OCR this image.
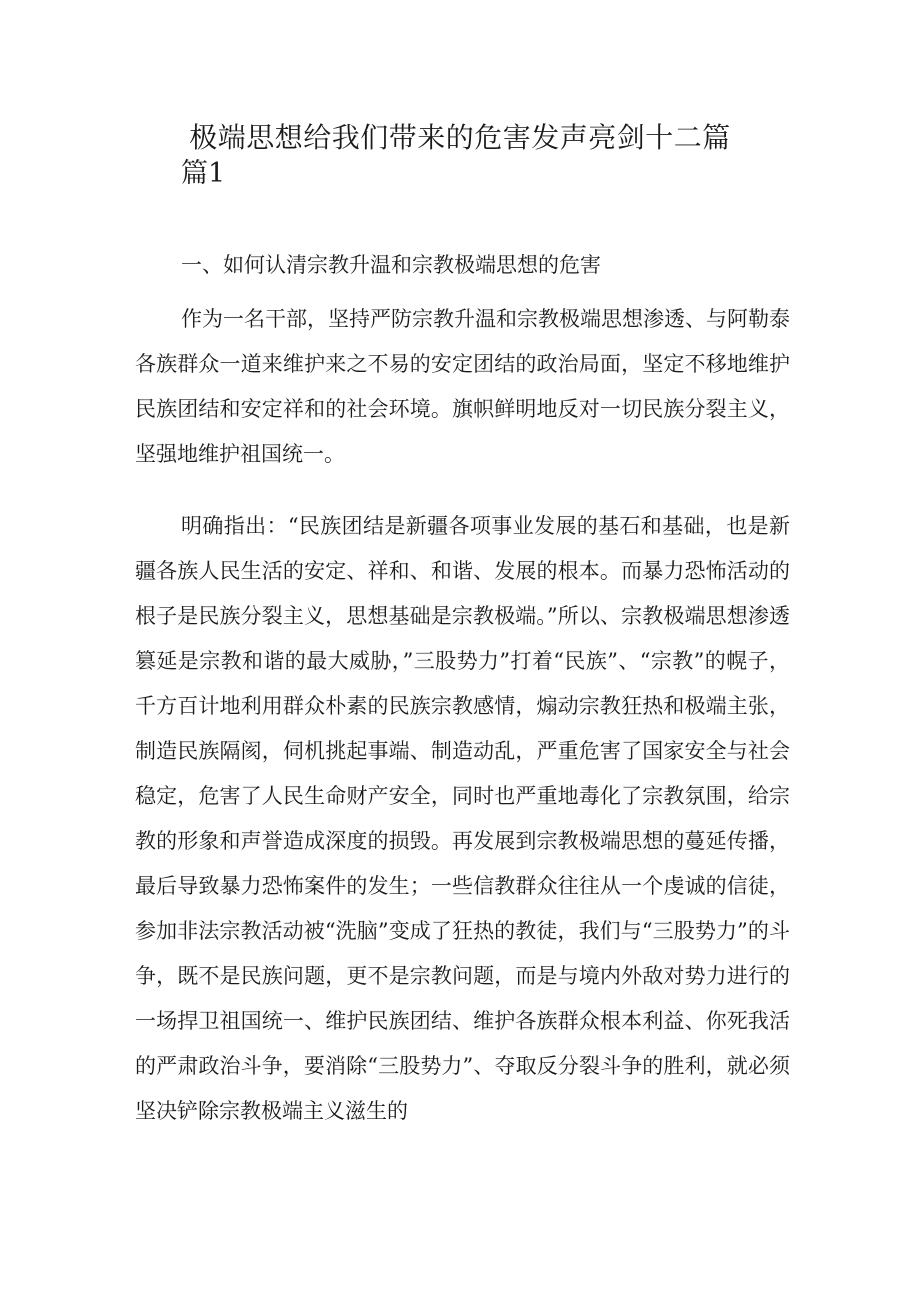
极端思想给我们带来的危害发声亮剑十二篇
篇1
一、如何认清宗教升温和宗教极端思想的危害

作为一名干部，坚持严防宗教升温和宗教极端思想渗透、与阿勒泰各族群众一道来维护来之不易的安定团结的政治局面，坚定不移地维护民族团结和安定祥和的社会环境。旗帜鲜明地反对一切民族分裂主义，坚强地维护祖国统一。

明确指出：“民族团结是新疆各项事业发展的基石和基础，也是新疆各族人民生活的安定、祥和、和谐、发展的根本。而暴力恐怖活动的根子是民族分裂主义，思想基础是宗教极端。”所以、宗教极端思想渗透篡延是宗教和谐的最大威胁，”三股势力”打着“民族”、“宗教”的幌子，千方百计地利用群众朴素的民族宗教感情，煽动宗教狂热和极端主张，制造民族隔阂，伺机挑起事端、制造动乱，严重危害了国家安全与社会稳定，危害了人民生命财产安全，同时也严重地毒化了宗教氛围，给宗教的形象和声誉造成深度的损毁。再发展到宗教极端思想的蔓延传播，最后导致暴力恐怖案件的发生；一些信教群众往往从一个虔诚的信徒，参加非法宗教活动被“洗脑”变成了狂热的教徒，我们与“三股势力”的斗争，既不是民族问题，更不是宗教问题，而是与境内外敌对势力进行的一场捍卫祖国统一、维护民族团结、维护各族群众根本利益、你死我活的严肃政治斗争，要消除“三股势力”、夺取反分裂斗争的胜利，就必须坚决铲除宗教极端主义滋生的
